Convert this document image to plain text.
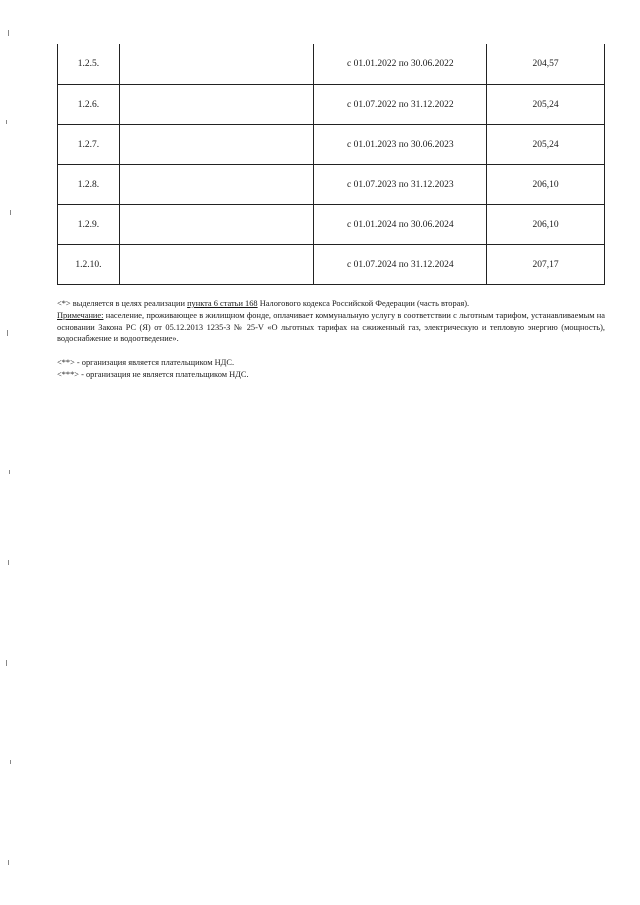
1.2.5.		с 01.01.2022 по 30.06.2022	204,57
1.2.6.		с 01.07.2022 по 31.12.2022	205,24
1.2.7.		с 01.01.2023 по 30.06.2023	205,24
1.2.8.		с 01.07.2023 по 31.12.2023	206,10
1.2.9.		с 01.01.2024 по 30.06.2024	206,10
1.2.10.		с 01.07.2024 по 31.12.2024	207,17

<*> выделяется в целях реализации пункта 6 статьи 168 Налогового кодекса Российской Федерации (часть вторая).

Примечание: население, проживающее в жилищном фонде, оплачивает коммунальную услугу в соответствии с льготным тарифом, устанавливаемым на основании Закона РС (Я) от 05.12.2013 1235-З № 25-V «О льготных тарифах на сжиженный газ, электрическую и тепловую энергию (мощность), водоснабжение и водоотведение».

<**> - организация является плательщиком НДС.

<***> - организация не является плательщиком НДС.
